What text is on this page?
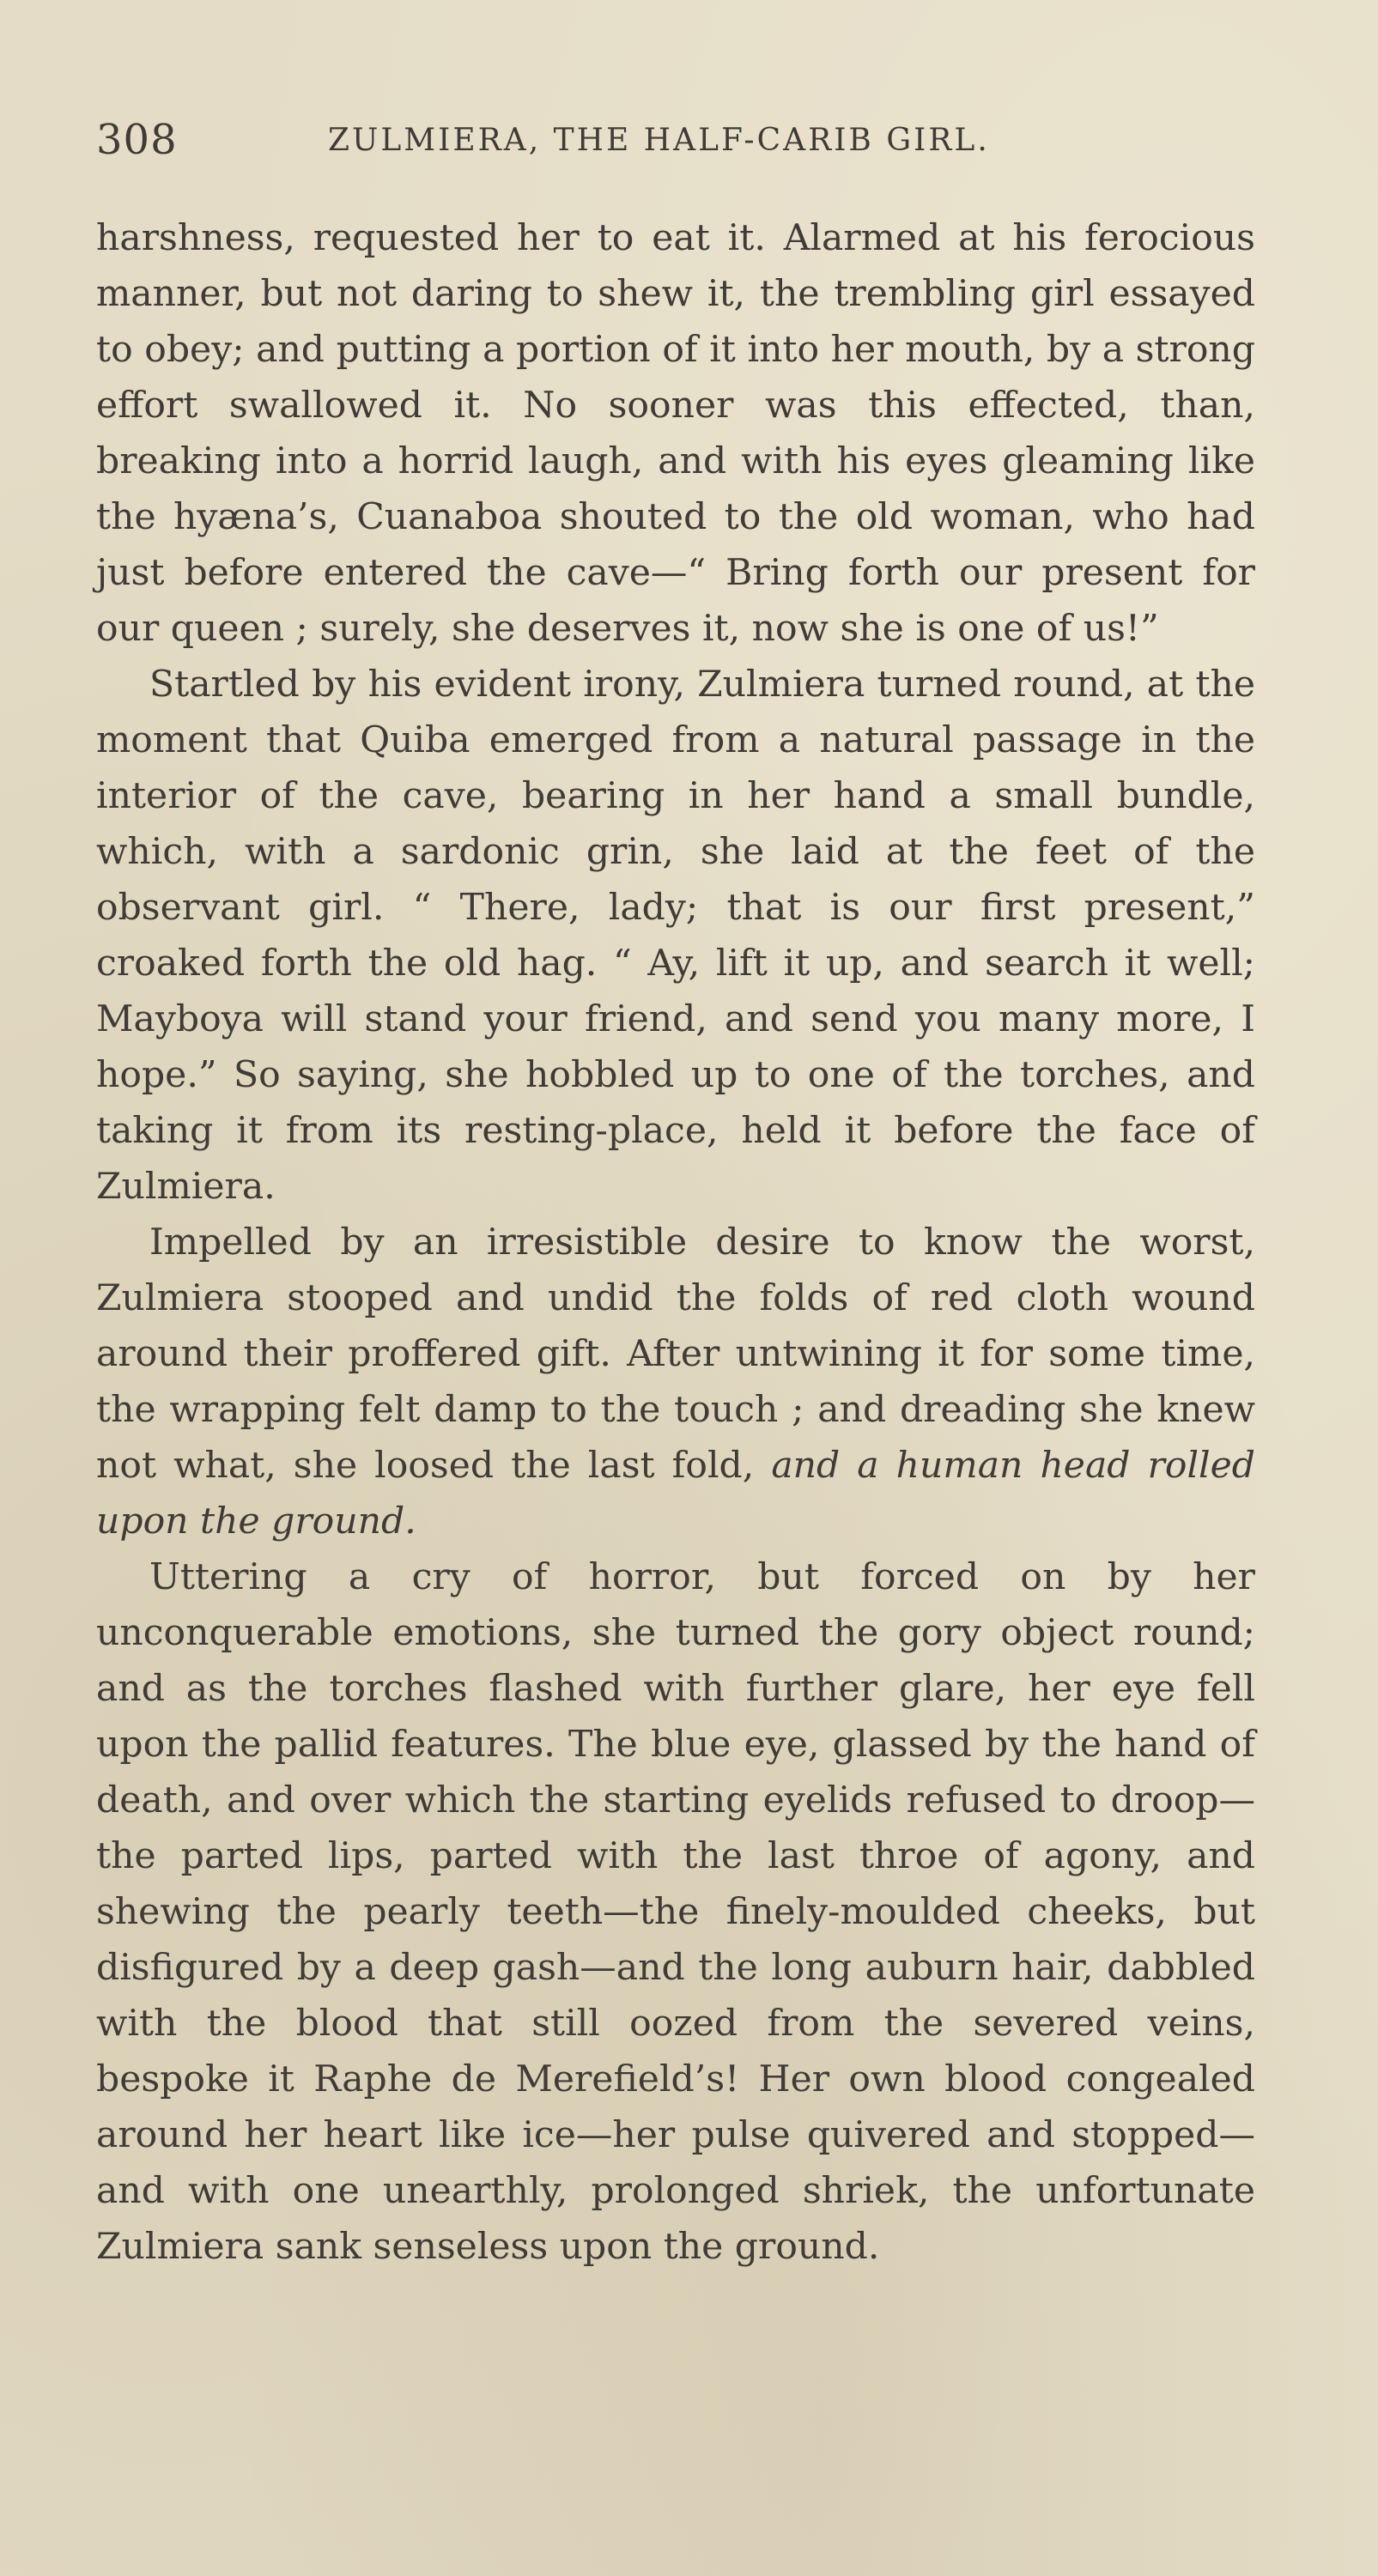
308	ZULMIERA, THE HALF-CARIB GIRL.

harshness, requested her to eat it. Alarmed at his ferocious manner, but not daring to shew it, the trembling girl essayed to obey; and putting a portion of it into her mouth, by a strong effort swallowed it. No sooner was this effected, than, breaking into a horrid laugh, and with his eyes gleaming like the hyæna’s, Cuanaboa shouted to the old woman, who had just before entered the cave—“ Bring forth our present for our queen ; surely, she deserves it, now she is one of us!”

Startled by his evident irony, Zulmiera turned round, at the moment that Quiba emerged from a natural passage in the interior of the cave, bearing in her hand a small bundle, which, with a sardonic grin, she laid at the feet of the observant girl. “ There, lady; that is our first present,” croaked forth the old hag. “ Ay, lift it up, and search it well; Mayboya will stand your friend, and send you many more, I hope.” So saying, she hobbled up to one of the torches, and taking it from its resting-place, held it before the face of Zulmiera.

Impelled by an irresistible desire to know the worst, Zulmiera stooped and undid the folds of red cloth wound around their proffered gift. After untwining it for some time, the wrapping felt damp to the touch ; and dreading she knew not what, she loosed the last fold, and a human head rolled upon the ground.

Uttering a cry of horror, but forced on by her unconquerable emotions, she turned the gory object round; and as the torches flashed with further glare, her eye fell upon the pallid features. The blue eye, glassed by the hand of death, and over which the starting eyelids refused to droop—the parted lips, parted with the last throe of agony, and shewing the pearly teeth—the finely-moulded cheeks, but disfigured by a deep gash—and the long auburn hair, dabbled with the blood that still oozed from the severed veins, bespoke it Raphe de Merefield’s! Her own blood congealed around her heart like ice—her pulse quivered and stopped—and with one unearthly, prolonged shriek, the unfortunate Zulmiera sank senseless upon the ground.
